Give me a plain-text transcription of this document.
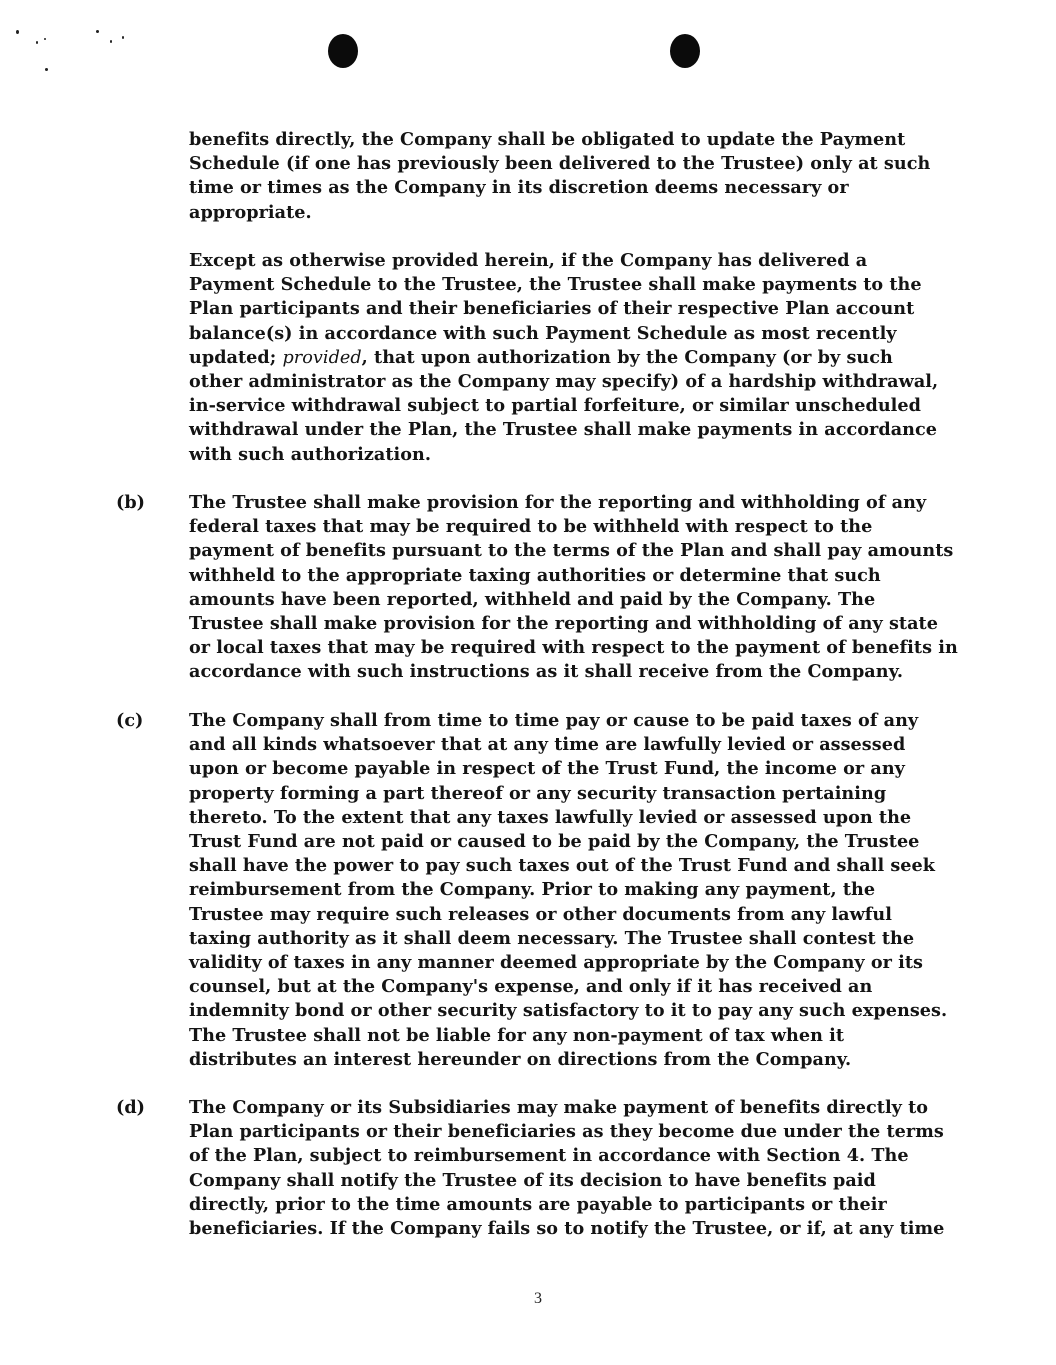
benefits directly, the Company shall be obligated to update the Payment
Schedule (if one has previously been delivered to the Trustee) only at such
time or times as the Company in its discretion deems necessary or
appropriate.

Except as otherwise provided herein, if the Company has delivered a
Payment Schedule to the Trustee, the Trustee shall make payments to the
Plan participants and their beneficiaries of their respective Plan account
balance(s) in accordance with such Payment Schedule as most recently
updated; provided, that upon authorization by the Company (or by such
other administrator as the Company may specify) of a hardship withdrawal,
in-service withdrawal subject to partial forfeiture, or similar unscheduled
withdrawal under the Plan, the Trustee shall make payments in accordance
with such authorization.

(b)	The Trustee shall make provision for the reporting and withholding of any
federal taxes that may be required to be withheld with respect to the
payment of benefits pursuant to the terms of the Plan and shall pay amounts
withheld to the appropriate taxing authorities or determine that such
amounts have been reported, withheld and paid by the Company. The
Trustee shall make provision for the reporting and withholding of any state
or local taxes that may be required with respect to the payment of benefits in
accordance with such instructions as it shall receive from the Company.

(c)	The Company shall from time to time pay or cause to be paid taxes of any
and all kinds whatsoever that at any time are lawfully levied or assessed
upon or become payable in respect of the Trust Fund, the income or any
property forming a part thereof or any security transaction pertaining
thereto. To the extent that any taxes lawfully levied or assessed upon the
Trust Fund are not paid or caused to be paid by the Company, the Trustee
shall have the power to pay such taxes out of the Trust Fund and shall seek
reimbursement from the Company. Prior to making any payment, the
Trustee may require such releases or other documents from any lawful
taxing authority as it shall deem necessary. The Trustee shall contest the
validity of taxes in any manner deemed appropriate by the Company or its
counsel, but at the Company's expense, and only if it has received an
indemnity bond or other security satisfactory to it to pay any such expenses.
The Trustee shall not be liable for any non-payment of tax when it
distributes an interest hereunder on directions from the Company.

(d)	The Company or its Subsidiaries may make payment of benefits directly to
Plan participants or their beneficiaries as they become due under the terms
of the Plan, subject to reimbursement in accordance with Section 4. The
Company shall notify the Trustee of its decision to have benefits paid
directly, prior to the time amounts are payable to participants or their
beneficiaries. If the Company fails so to notify the Trustee, or if, at any time

3
